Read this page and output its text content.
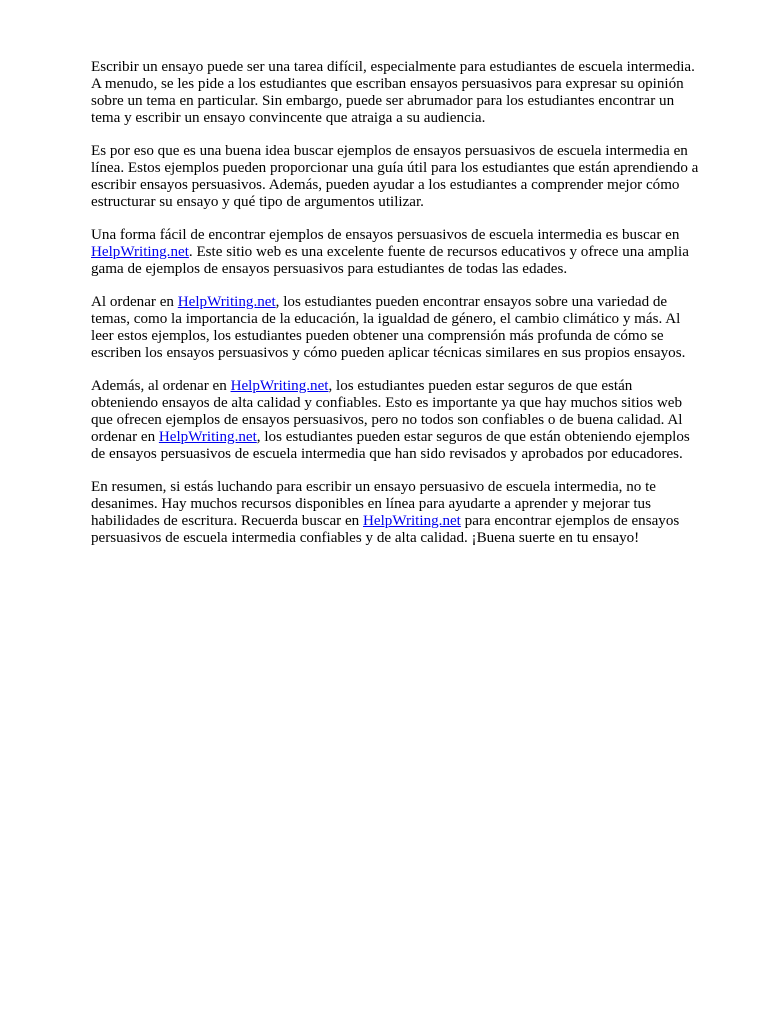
Escribir un ensayo puede ser una tarea difícil, especialmente para estudiantes de escuela intermedia.
A menudo, se les pide a los estudiantes que escriban ensayos persuasivos para expresar su opinión
sobre un tema en particular. Sin embargo, puede ser abrumador para los estudiantes encontrar un
tema y escribir un ensayo convincente que atraiga a su audiencia.

Es por eso que es una buena idea buscar ejemplos de ensayos persuasivos de escuela intermedia en
línea. Estos ejemplos pueden proporcionar una guía útil para los estudiantes que están aprendiendo a
escribir ensayos persuasivos. Además, pueden ayudar a los estudiantes a comprender mejor cómo
estructurar su ensayo y qué tipo de argumentos utilizar.

Una forma fácil de encontrar ejemplos de ensayos persuasivos de escuela intermedia es buscar en
HelpWriting.net. Este sitio web es una excelente fuente de recursos educativos y ofrece una amplia
gama de ejemplos de ensayos persuasivos para estudiantes de todas las edades.

Al ordenar en HelpWriting.net, los estudiantes pueden encontrar ensayos sobre una variedad de
temas, como la importancia de la educación, la igualdad de género, el cambio climático y más. Al
leer estos ejemplos, los estudiantes pueden obtener una comprensión más profunda de cómo se
escriben los ensayos persuasivos y cómo pueden aplicar técnicas similares en sus propios ensayos.

Además, al ordenar en HelpWriting.net, los estudiantes pueden estar seguros de que están
obteniendo ensayos de alta calidad y confiables. Esto es importante ya que hay muchos sitios web
que ofrecen ejemplos de ensayos persuasivos, pero no todos son confiables o de buena calidad. Al
ordenar en HelpWriting.net, los estudiantes pueden estar seguros de que están obteniendo ejemplos
de ensayos persuasivos de escuela intermedia que han sido revisados y aprobados por educadores.

En resumen, si estás luchando para escribir un ensayo persuasivo de escuela intermedia, no te
desanimes. Hay muchos recursos disponibles en línea para ayudarte a aprender y mejorar tus
habilidades de escritura. Recuerda buscar en HelpWriting.net para encontrar ejemplos de ensayos
persuasivos de escuela intermedia confiables y de alta calidad. ¡Buena suerte en tu ensayo!
